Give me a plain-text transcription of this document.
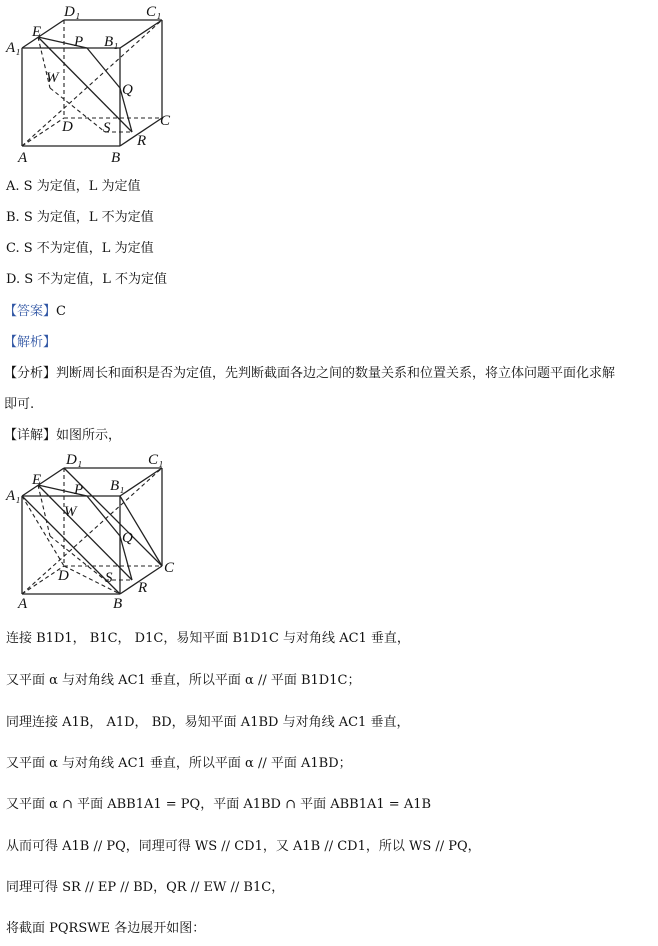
D₁	C₁
A₁
E
P B₁
W
Q
D S	C
R
A	B
A. S 为定值，L 为定值
B. S 为定值，L 不为定值
C. S 不为定值，L 为定值
D. S 不为定值，L 不为定值
【答案】C
【解析】
【分析】判断周长和面积是否为定值，先判断截面各边之间的数量关系和位置关系，将立体问题平面化求解
即可.
【详解】如图所示，
D₁	C₁
A₁
E
P B₁
W
Q
D S
C
R
A	B
连接 B1D1， B1C， D1C，易知平面 B1D1C 与对角线 AC1 垂直，
又平面 α 与对角线 AC1 垂直，所以平面 α // 平面 B1D1C；
同理连接 A1B， A1D， BD，易知平面 A1BD 与对角线 AC1 垂直，
又平面 α 与对角线 AC1 垂直，所以平面 α // 平面 A1BD；
又平面 α ∩ 平面 ABB1A1 = PQ，平面 A1BD ∩ 平面 ABB1A1 = A1B
从而可得 A1B // PQ，同理可得 WS // CD1，又 A1B // CD1，所以 WS // PQ，
同理可得 SR // EP // BD，QR // EW // B1C，
将截面 PQRSWE 各边展开如图：
